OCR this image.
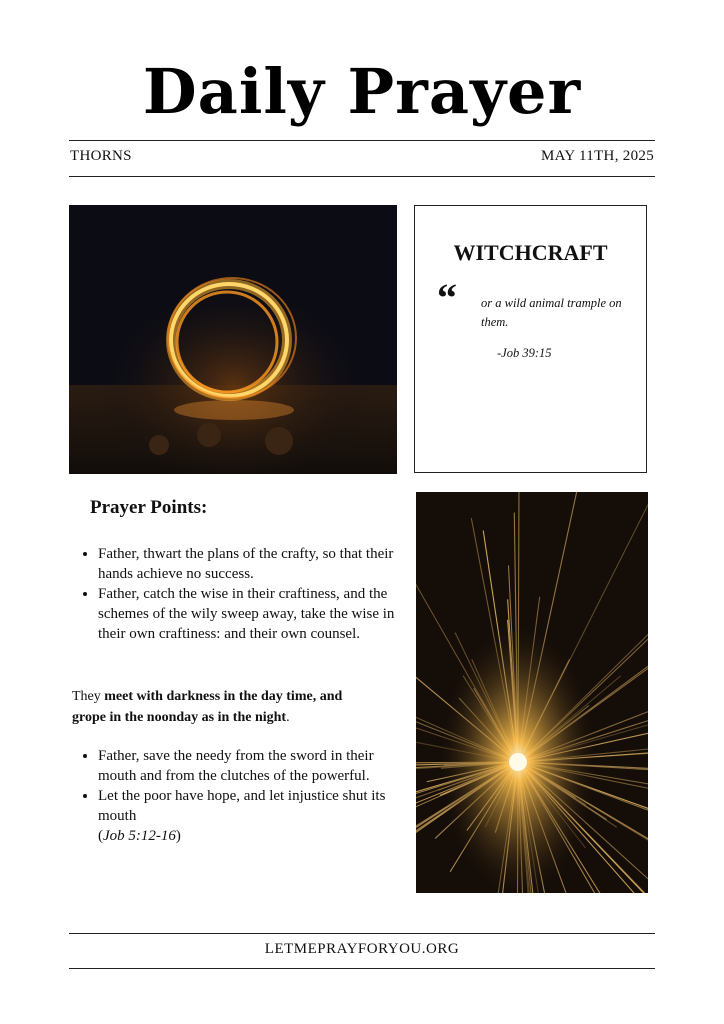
Daily Prayer
THORNS	MAY 11TH, 2025
WITCHCRAFT
“ or a wild animal trample on them.
-Job 39:15
Prayer Points:
• Father, thwart the plans of the crafty, so that their hands achieve no success.
• Father, catch the wise in their craftiness, and the schemes of the wily sweep away, take the wise in their own craftiness: and their own counsel.
They meet with darkness in the day time, and grope in the noonday as in the night.
• Father, save the needy from the sword in their mouth and from the clutches of the powerful.
• Let the poor have hope, and let injustice shut its mouth
(Job 5:12-16)
LETMEPRAYFORYOU.ORG
